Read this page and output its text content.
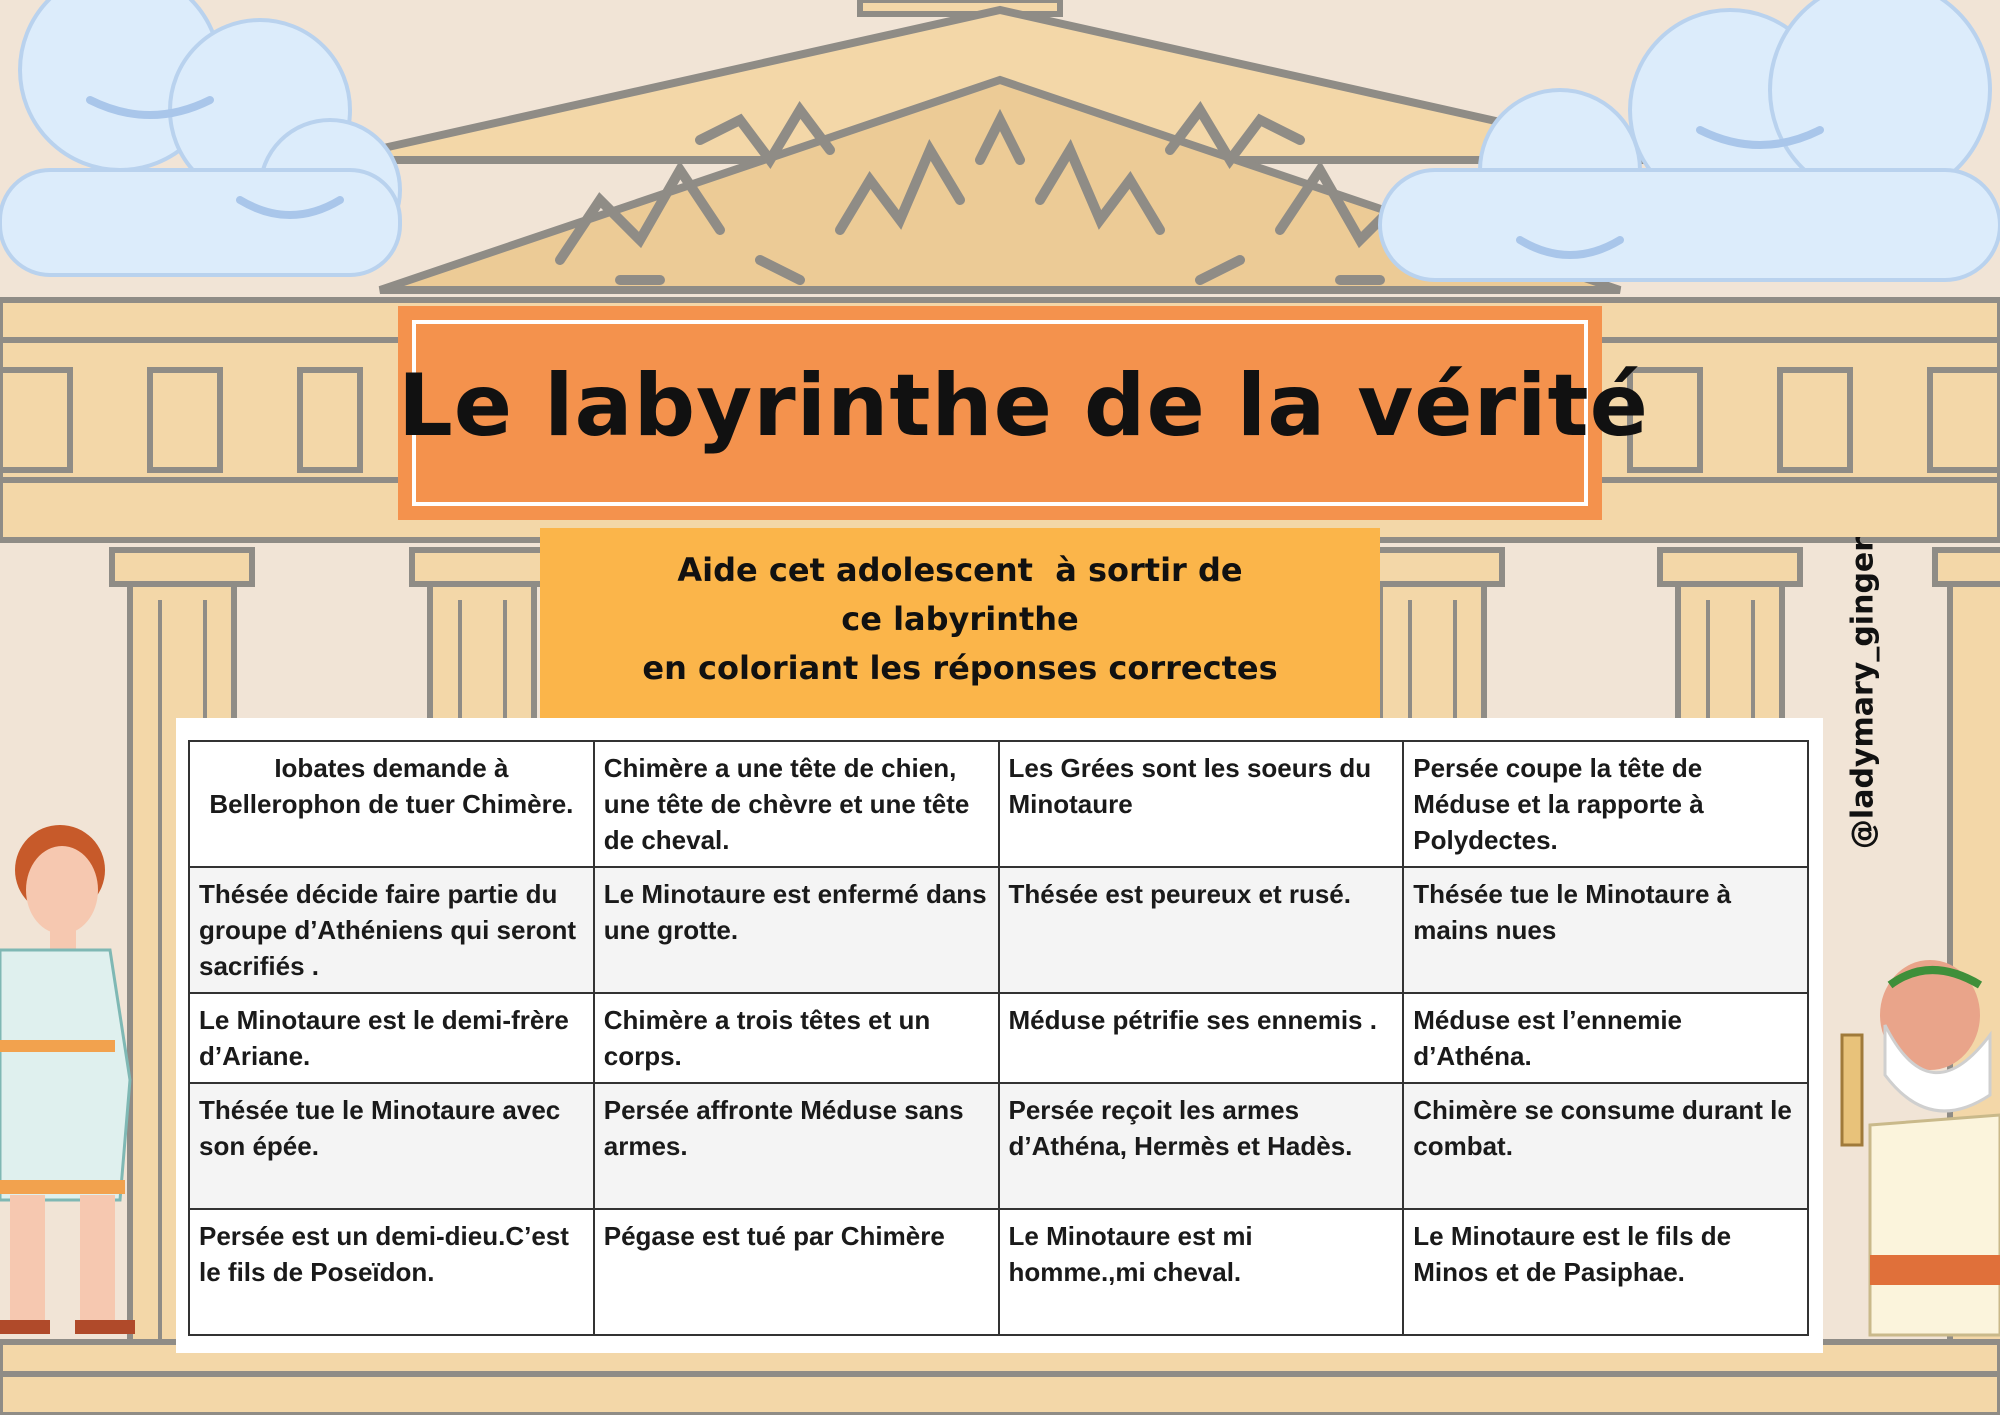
Le labyrinthe de la vérité
Aide cet adolescent  à sortir de
ce labyrinthe
en coloriant les réponses correctes	@ladymary_ginger
Iobates demande à Bellerophon de tuer Chimère.	Chimère a une tête de chien, une tête de chèvre et une tête de cheval.	Les Grées sont les soeurs du Minotaure	Persée coupe la tête de Méduse et la rapporte à Polydectes.
Thésée décide faire partie du groupe d’Athéniens qui seront sacrifiés .	Le Minotaure est enfermé dans une grotte.	Thésée est peureux et rusé.	Thésée tue le Minotaure à mains nues
Le Minotaure est le demi-frère d’Ariane.	Chimère a trois têtes et un corps.	Méduse pétrifie ses ennemis .	Méduse est l’ennemie d’Athéna.
Thésée tue le Minotaure avec son épée.	Persée affronte Méduse sans armes.	Persée reçoit les armes d’Athéna, Hermès et Hadès.	Chimère se consume durant le combat.
Persée est un demi-dieu.C’est le fils de Poseïdon.	Pégase est tué par Chimère	Le Minotaure est mi homme.,mi cheval.	Le Minotaure est le fils de Minos et de Pasiphae.
